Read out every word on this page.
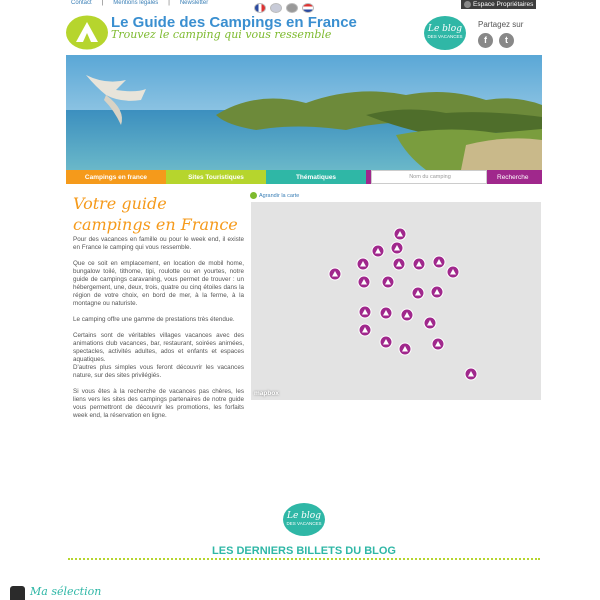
Contact | Mentions légales | Newsletter	Espace Propriétaires
Le Guide des Campings en France
Trouvez le camping qui vous ressemble	Le blog
DES VACANCES
Partagez sur
f	t
Campings en france	Sites Touristiques	Thématiques	Nom du camping	Recherche
Votre guide campings en France
Pour des vacances en famille ou pour le week end, il existe en France le camping qui vous ressemble.
Que ce soit en emplacement, en location de mobil home, bungalow toilé, tithome, tipi, roulotte ou en yourtes, notre guide de campings caravaning, vous permet de trouver : un hébergement, une, deux, trois, quatre ou cinq étoiles dans la région de votre choix, en bord de mer, à la ferme, à la montagne ou naturiste.
Le camping offre une gamme de prestations très étendue.
Certains sont de véritables villages vacances avec des animations club vacances, bar, restaurant, soirées animées, spectacles, activités adultes, ados et enfants et espaces aquatiques.
D'autres plus simples vous feront découvrir les vacances nature, sur des sites privilégiés.
Si vous êtes à la recherche de vacances pas chères, les liens vers les sites des campings partenaires de notre guide vous permettront de découvrir les promotions, les forfaits week end, la réservation en ligne.
Agrandir la carte
mapbox
Le blog
DES VACANCES
LES DERNIERS BILLETS DU BLOG
Ma sélection
